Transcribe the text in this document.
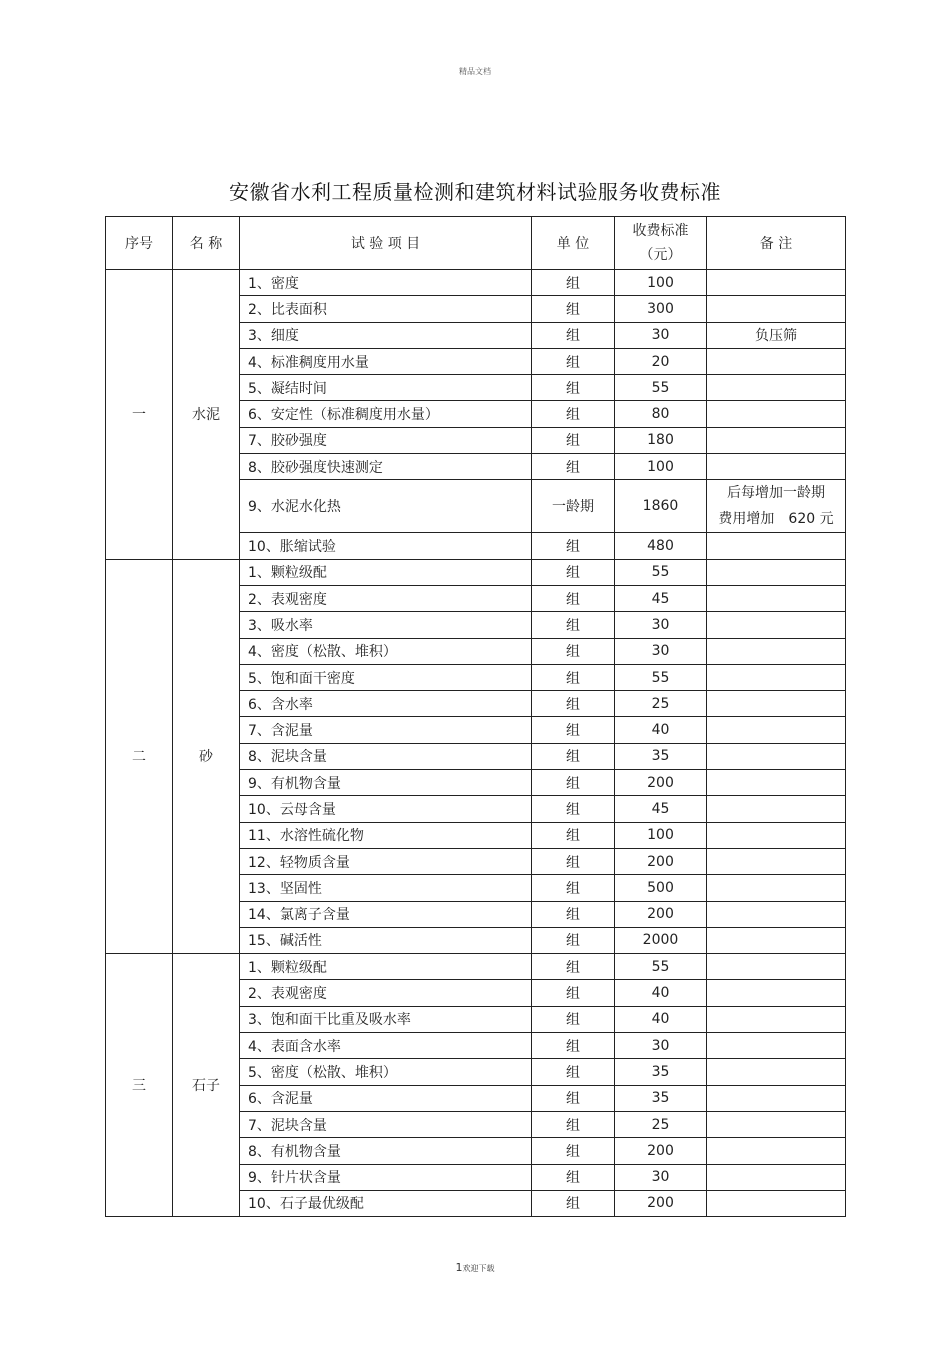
精品文档
安徽省水利工程质量检测和建筑材料试验服务收费标准
序号	名 称	试 验 项 目	单 位	收费标准
（元）	备 注
一	水泥	1、密度	组	100	
		2、比表面积	组	300	
		3、细度	组	30	负压筛
		4、标准稠度用水量	组	20	
		5、凝结时间	组	55	
		6、安定性（标准稠度用水量）	组	80	
		7、胶砂强度	组	180	
		8、胶砂强度快速测定	组	100	
		9、水泥水化热	一龄期	1860	后每增加一龄期
费用增加　620 元

		10、胀缩试验	组	480	
二	砂	1、颗粒级配	组	55	
		2、表观密度	组	45	
		3、吸水率	组	30	
		4、密度（松散、堆积）	组	30	
		5、饱和面干密度	组	55	
		6、含水率	组	25	
		7、含泥量	组	40	
		8、泥块含量	组	35	
		9、有机物含量	组	200	
		10、云母含量	组	45	
		11、水溶性硫化物	组	100	
		12、轻物质含量	组	200	
		13、坚固性	组	500	
		14、氯离子含量	组	200	
		15、碱活性	组	2000	
三	石子	1、颗粒级配	组	55	
		2、表观密度	组	40	
		3、饱和面干比重及吸水率	组	40	
		4、表面含水率	组	30	
		5、密度（松散、堆积）	组	35	
		6、含泥量	组	35	
		7、泥块含量	组	25	
		8、有机物含量	组	200	
		9、针片状含量	组	30	
		10、石子最优级配	组	200	
1欢迎下载
